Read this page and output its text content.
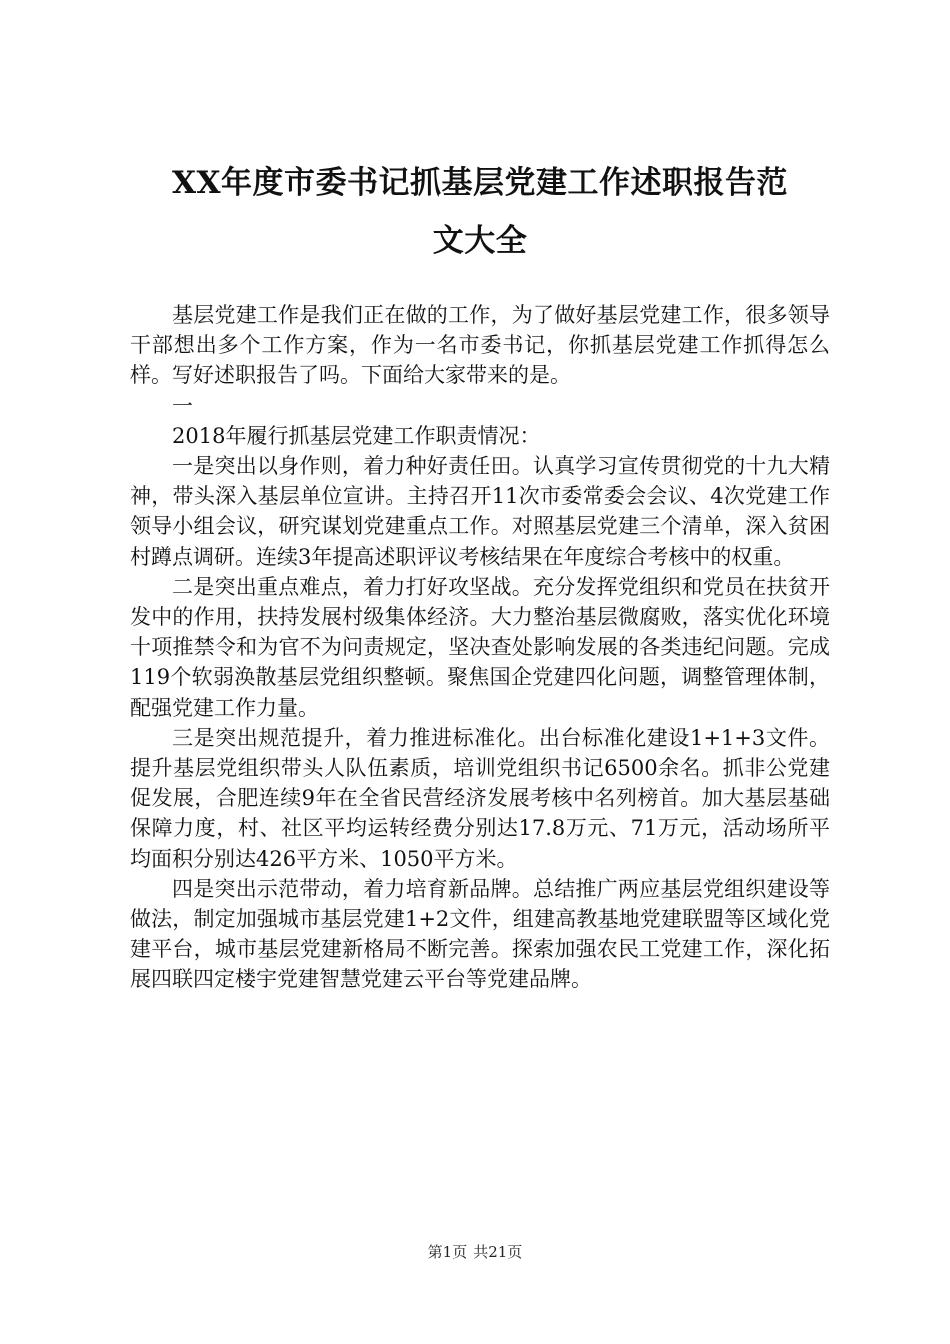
XX年度市委书记抓基层党建工作述职报告范
文大全

基层党建工作是我们正在做的工作，为了做好基层党建工作，很多领导干部想出多个工作方案，作为一名市委书记，你抓基层党建工作抓得怎么样。写好述职报告了吗。下面给大家带来的是。

一

2018年履行抓基层党建工作职责情况：

一是突出以身作则，着力种好责任田。认真学习宣传贯彻党的十九大精神，带头深入基层单位宣讲。主持召开11次市委常委会会议、4次党建工作领导小组会议，研究谋划党建重点工作。对照基层党建三个清单，深入贫困村蹲点调研。连续3年提高述职评议考核结果在年度综合考核中的权重。

二是突出重点难点，着力打好攻坚战。充分发挥党组织和党员在扶贫开发中的作用，扶持发展村级集体经济。大力整治基层微腐败，落实优化环境十项推禁令和为官不为问责规定，坚决查处影响发展的各类违纪问题。完成119个软弱涣散基层党组织整顿。聚焦国企党建四化问题，调整管理体制，配强党建工作力量。

三是突出规范提升，着力推进标准化。出台标准化建设1+1+3文件。提升基层党组织带头人队伍素质，培训党组织书记6500余名。抓非公党建促发展，合肥连续9年在全省民营经济发展考核中名列榜首。加大基层基础保障力度，村、社区平均运转经费分别达17.8万元、71万元，活动场所平均面积分别达426平方米、1050平方米。

四是突出示范带动，着力培育新品牌。总结推广两应基层党组织建设等做法，制定加强城市基层党建1+2文件，组建高教基地党建联盟等区域化党建平台，城市基层党建新格局不断完善。探索加强农民工党建工作，深化拓展四联四定楼宇党建智慧党建云平台等党建品牌。

第1页 共21页
